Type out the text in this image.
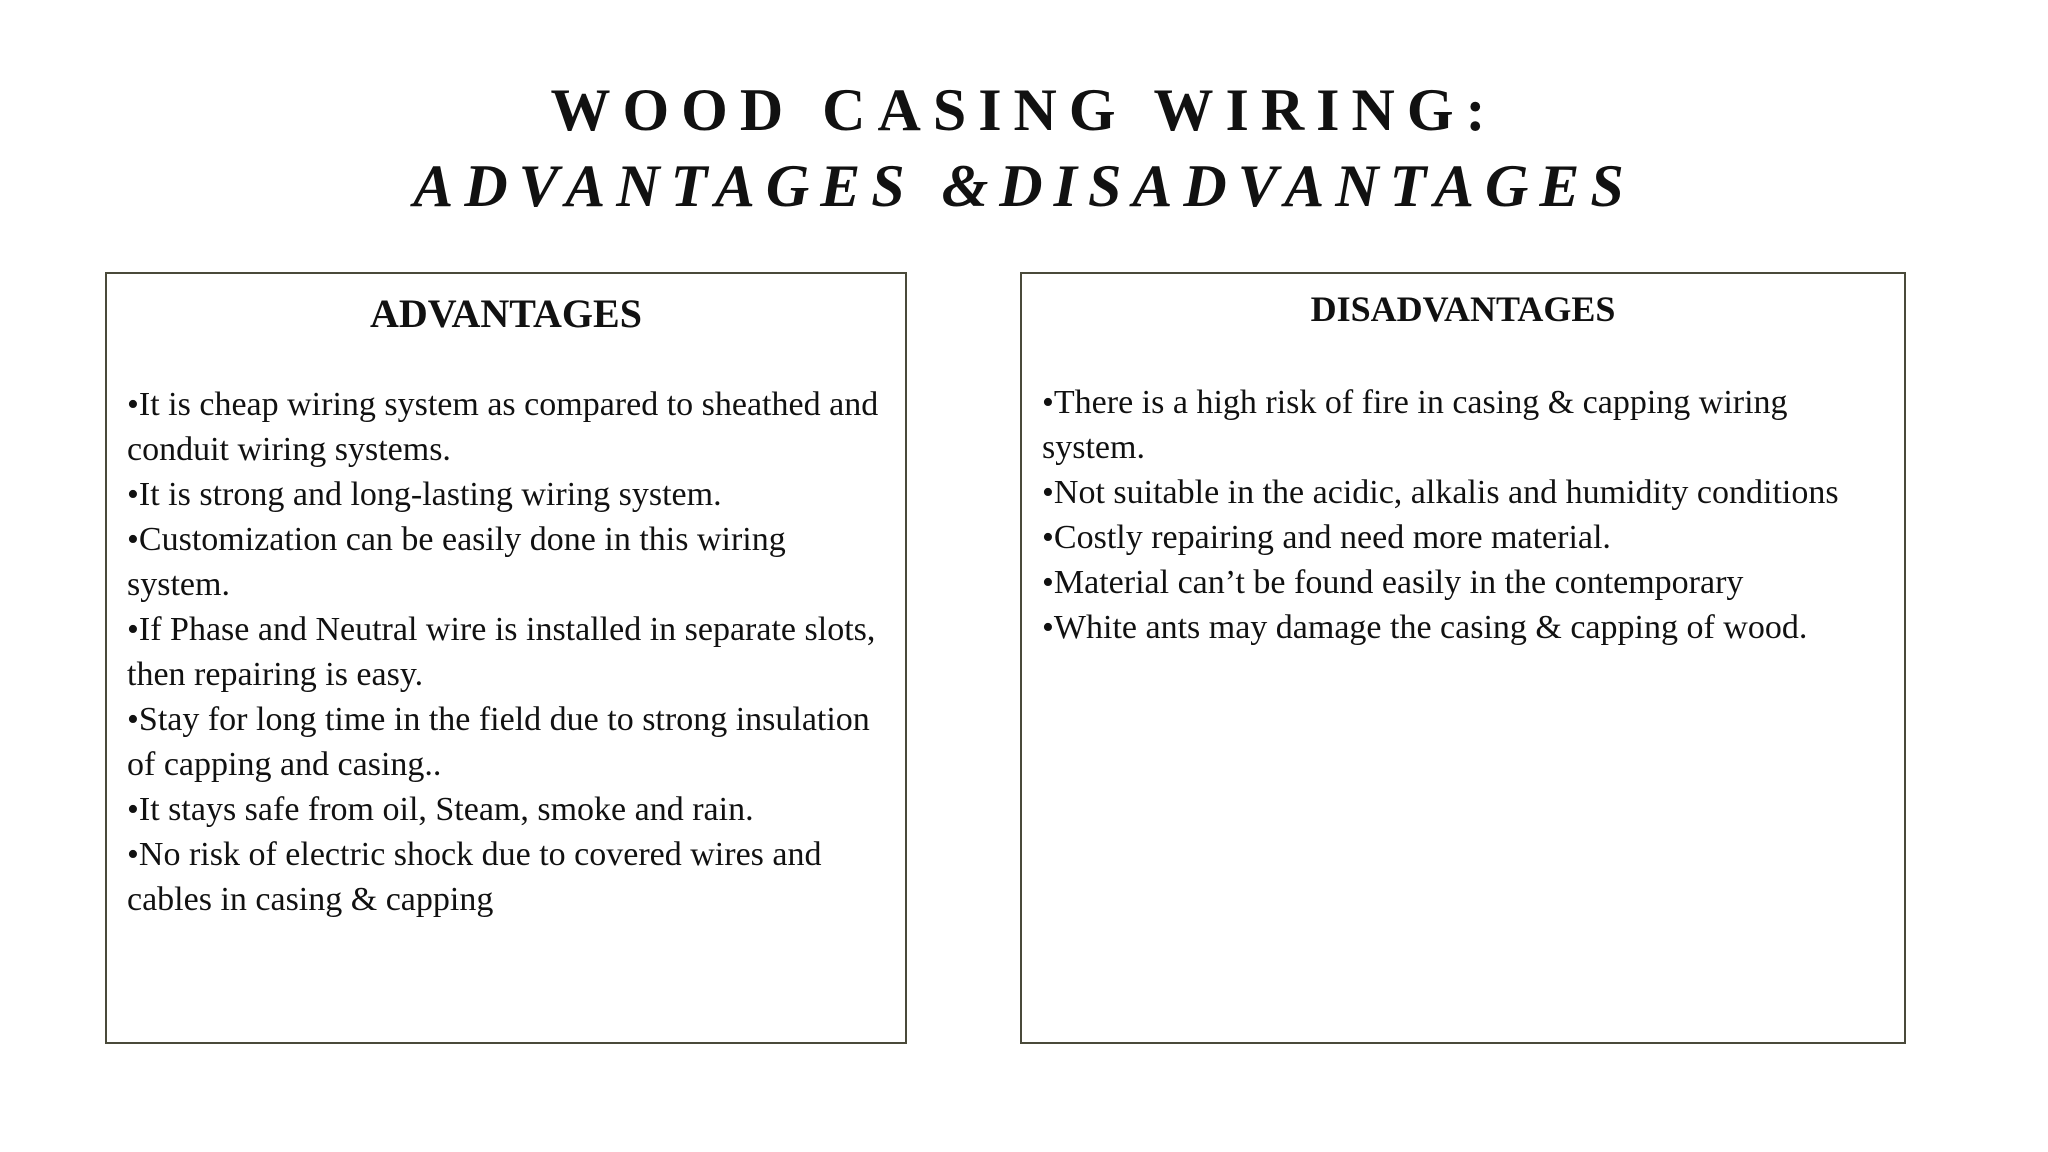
WOOD CASING WIRING:
ADVANTAGES &DISADVANTAGES
ADVANTAGES
•It is cheap wiring system as compared to sheathed and conduit wiring systems.
•It is strong and long-lasting wiring system.
•Customization can be easily done in this wiring system.
•If Phase and Neutral wire is installed in separate slots, then repairing is easy.
•Stay for long time in the field due to strong insulation of capping and casing..
•It stays safe from oil, Steam, smoke and rain.
•No risk of electric shock due to covered wires and cables in casing & capping
DISADVANTAGES
•There is a high risk of fire in casing & capping wiring system.
•Not suitable in the acidic, alkalis and humidity conditions
•Costly repairing and need more material.
•Material can’t be found easily in the contemporary
•White ants may damage the casing & capping of wood.
